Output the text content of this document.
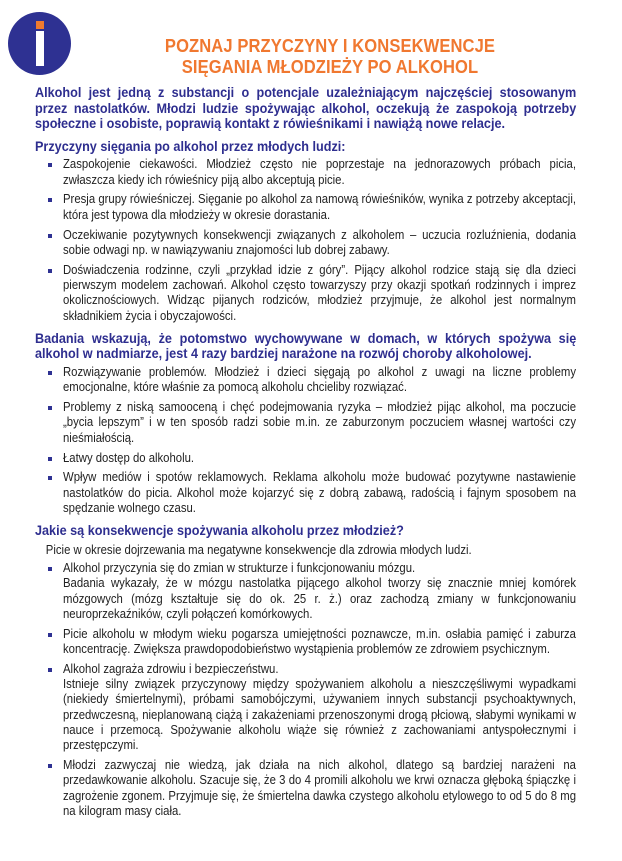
POZNAJ PRZYCZYNY I KONSEKWENCJE
SIĘGANIA MŁODZIEŻY PO ALKOHOL

Alkohol jest jedną z substancji o potencjale uzależniającym najczęściej stosowanym przez nastolatków. Młodzi ludzie spożywając alkohol, oczekują że zaspokoją potrzeby społeczne i osobiste, poprawią kontakt z rówieśnikami i nawiążą nowe relacje.

Przyczyny sięgania po alkohol przez młodych ludzi:
Zaspokojenie ciekawości. Młodzież często nie poprzestaje na jednorazowych próbach picia, zwłaszcza kiedy ich rówieśnicy piją albo akceptują picie.
Presja grupy rówieśniczej. Sięganie po alkohol za namową rówieśników, wynika z potrzeby akceptacji, która jest typowa dla młodzieży w okresie dorastania.
Oczekiwanie pozytywnych konsekwencji związanych z alkoholem – uczucia rozluźnienia, dodania sobie odwagi np. w nawiązywaniu znajomości lub dobrej zabawy.
Doświadczenia rodzinne, czyli „przykład idzie z góry”. Pijący alkohol rodzice stają się dla dzieci pierwszym modelem zachowań. Alkohol często towarzyszy przy okazji spotkań rodzinnych i imprez okolicznościowych. Widząc pijanych rodziców, młodzież przyjmuje, że alkohol jest normalnym składnikiem życia i obyczajowości.
Badania wskazują, że potomstwo wychowywane w domach, w których spożywa się alkohol w nadmiarze, jest 4 razy bardziej narażone na rozwój choroby alkoholowej.
Rozwiązywanie problemów. Młodzież i dzieci sięgają po alkohol z uwagi na liczne problemy emocjonalne, które właśnie za pomocą alkoholu chcieliby rozwiązać.
Problemy z niską samooceną i chęć podejmowania ryzyka – młodzież pijąc alkohol, ma poczucie „bycia lepszym” i w ten sposób radzi sobie m.in. ze zaburzonym poczuciem własnej wartości czy nieśmiałością.
Łatwy dostęp do alkoholu.
Wpływ mediów i spotów reklamowych. Reklama alkoholu może budować pozytywne nastawienie nastolatków do picia. Alkohol może kojarzyć się z dobrą zabawą, radością i fajnym sposobem na spędzanie wolnego czasu.
Jakie są konsekwencje spożywania alkoholu przez młodzież?

Picie w okresie dojrzewania ma negatywne konsekwencje dla zdrowia młodych ludzi.

Alkohol przyczynia się do zmian w strukturze i funkcjonowaniu mózgu.
Badania wykazały, że w mózgu nastolatka pijącego alkohol tworzy się znacznie mniej komórek mózgowych (mózg kształtuje się do ok. 25 r. ż.) oraz zachodzą zmiany w funkcjonowaniu neuroprzekaźników, czyli połączeń komórkowych.
Picie alkoholu w młodym wieku pogarsza umiejętności poznawcze, m.in. osłabia pamięć i zaburza koncentrację. Zwiększa prawdopodobieństwo wystąpienia problemów ze zdrowiem psychicznym.
Alkohol zagraża zdrowiu i bezpieczeństwu.
Istnieje silny związek przyczynowy między spożywaniem alkoholu a nieszczęśliwymi wypadkami (niekiedy śmiertelnymi), próbami samobójczymi, używaniem innych substancji psychoaktywnych, przedwczesną, nieplanowaną ciążą i zakażeniami przenoszonymi drogą płciową, słabymi wynikami w nauce i przemocą. Spożywanie alkoholu wiąże się również z zachowaniami antyspołecznymi i przestępczymi.
Młodzi zazwyczaj nie wiedzą, jak działa na nich alkohol, dlatego są bardziej narażeni na przedawkowanie alkoholu. Szacuje się, że 3 do 4 promili alkoholu we krwi oznacza głęboką śpiączkę i zagrożenie zgonem. Przyjmuje się, że śmiertelna dawka czystego alkoholu etylowego to od 5 do 8 mg na kilogram masy ciała.
